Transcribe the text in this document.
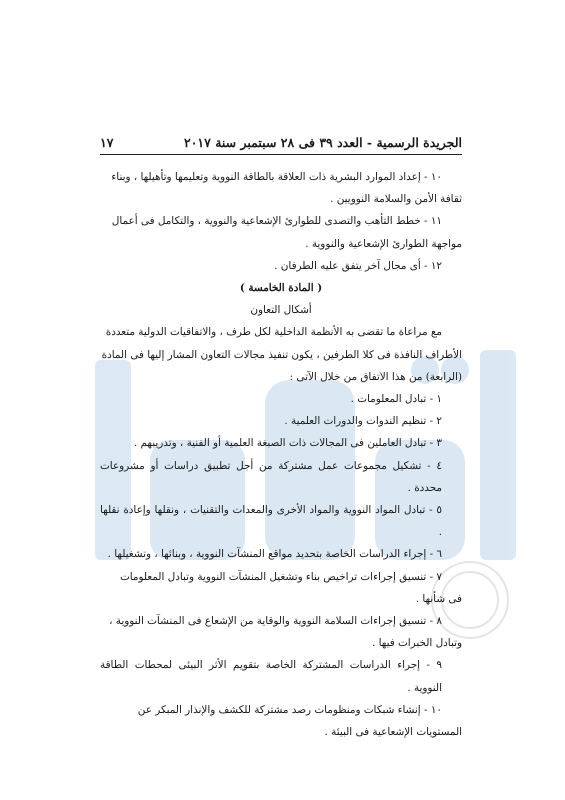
الجريدة الرسمية - العدد ٣٩ فى ٢٨ سبتمبر سنة ٢٠١٧
١٧

١٠ - إعداد الموارد البشرية ذات العلاقة بالطاقة النووية وتعليمها وتأهيلها ، وبناء

ثقافة الأمن والسلامة النوويين .

١١ - خطط التأهب والتصدى للطوارئ الإشعاعية والنووية ، والتكامل فى أعمال

مواجهة الطوارئ الإشعاعية والنووية .

١٢ - أى مجال آخر يتفق عليه الطرفان .

( المادة الخامسة )

أشكال التعاون

مع مراعاة ما تقضى به الأنظمة الداخلية لكل طرف ، والاتفاقيات الدولية متعددة

الأطراف النافذة فى كلا الطرفين ، يكون تنفيذ مجالات التعاون المشار إليها فى المادة

(الرابعة) من هذا الاتفاق من خلال الآتى :

١ - تبادل المعلومات .

٢ - تنظيم الندوات والدورات العلمية .

٣ - تبادل العاملين فى المجالات ذات الصبغة العلمية أو الفنية ، وتدريبهم .

٤ - تشكيل مجموعات عمل مشتركة من أجل تطبيق دراسات أو مشروعات محددة .

٥ - تبادل المواد النووية والمواد الأخرى والمعدات والتقنيات ، ونقلها وإعادة نقلها .

٦ - إجراء الدراسات الخاصة بتحديد مواقع المنشآت النووية ، وبنائها ، وتشغيلها .

٧ - تنسيق إجراءات تراخيص بناء وتشغيل المنشآت النووية وتبادل المعلومات

فى شأنها .

٨ - تنسيق إجراءات السلامة النووية والوقاية من الإشعاع فى المنشآت النووية ،

وتبادل الخبرات فيها .

٩ - إجراء الدراسات المشتركة الخاصة بتقويم الأثر البيئى لمحطات الطاقة النووية .

١٠ - إنشاء شبكات ومنظومات رصد مشتركة للكشف والإنذار المبكر عن

المستويات الإشعاعية فى البيئة .
